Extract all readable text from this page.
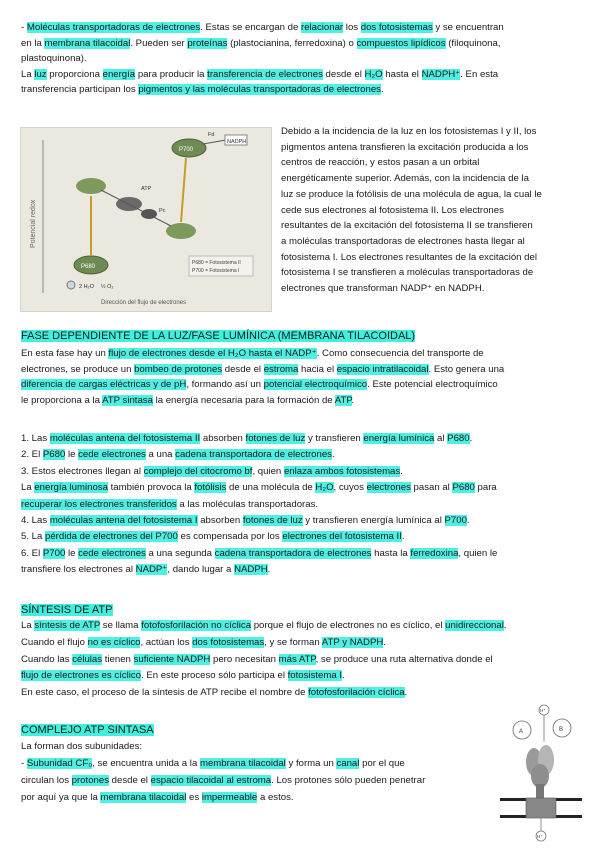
- Moléculas transportadoras de electrones. Estas se encargan de relacionar los dos fotosistemas y se encuentran

en la membrana tilacoidal. Pueden ser proteínas (plastocianina, ferredoxina) o compuestos lipídicos (filoquinona,

plastoquinona).

La luz proporciona energía para producir la transferencia de electrones desde el H₂O hasta el NADPH⁺. En esta

transferencia participan los pigmentos y las moléculas transportadoras de electrones.

Potencial redox
P700
P680
NADPH
Fd
Pc
ATP
2 H₂O ½ O₂
P680 = Fotosistema II
P700 = Fotosistema I
Dirección del flujo de electrones

Debido a la incidencia de la luz en los fotosistemas I y II, los

pigmentos antena transfieren la excitación producida a los

centros de reacción, y estos pasan a un orbital

energéticamente superior. Además, con la incidencia de la

luz se produce la fotólisis de una molécula de agua, la cual le

cede sus electrones al fotosistema II. Los electrones

resultantes de la excitación del fotosistema II se transfieren

a moléculas transportadoras de electrones hasta llegar al

fotosistema I. Los electrones resultantes de la excitación del

fotosistema I se transfieren a moléculas transportadoras de

electrones que transforman NADP⁺ en NADPH.

FASE DEPENDIENTE DE LA LUZ/FASE LUMÍNICA (MEMBRANA TILACOIDAL)

En esta fase hay un flujo de electrones desde el H₂O hasta el NADP⁺. Como consecuencia del transporte de

electrones, se produce un bombeo de protones desde el estroma hacia el espacio intratilacoidal. Esto genera una

diferencia de cargas eléctricas y de pH, formando así un potencial electroquímico. Este potencial electroquímico

le proporciona a la ATP sintasa la energía necesaria para la formación de ATP.

1. Las moléculas antena del fotosistema II absorben fotones de luz y transfieren energía lumínica al P680.

2. El P680 le cede electrones a una cadena transportadora de electrones.

3. Estos electrones llegan al complejo del citocromo bf, quien enlaza ambos fotosistemas.

La energía luminosa también provoca la fotólisis de una molécula de H₂O, cuyos electrones pasan al P680 para

recuperar los electrones transferidos a las moléculas transportadoras.

4. Las moléculas antena del fotosistema I absorben fotones de luz y transfieren energía lumínica al P700.

5. La pérdida de electrones del P700 es compensada por los electrones del fotosistema II.

6. El P700 le cede electrones a una segunda cadena transportadora de electrones hasta la ferredoxina, quien le

transfiere los electrones al NADP⁺, dando lugar a NADPH.

SÍNTESIS DE ATP

La síntesis de ATP se llama fotofosforilación no cíclica porque el flujo de electrones no es cíclico, el unidireccional.

Cuando el flujo no es cíclico, actúan los dos fotosistemas, y se forman ATP y NADPH.

Cuando las células tienen suficiente NADPH pero necesitan más ATP, se produce una ruta alternativa donde el

flujo de electrones es cíclico. En este proceso sólo participa el fotosistema I.

En este caso, el proceso de la síntesis de ATP recibe el nombre de fotofosforilación cíclica.

COMPLEJO ATP SINTASA

La forman dos subunidades:

- Subunidad CF₀, se encuentra unida a la membrana tilacoidal y forma un canal por el que

circulan los protones desde el espacio tilacoidal al estroma. Los protones sólo pueden penetrar

por aquí ya que la membrana tilacoidal es impermeable a estos.

H⁺
A	B
H⁺
